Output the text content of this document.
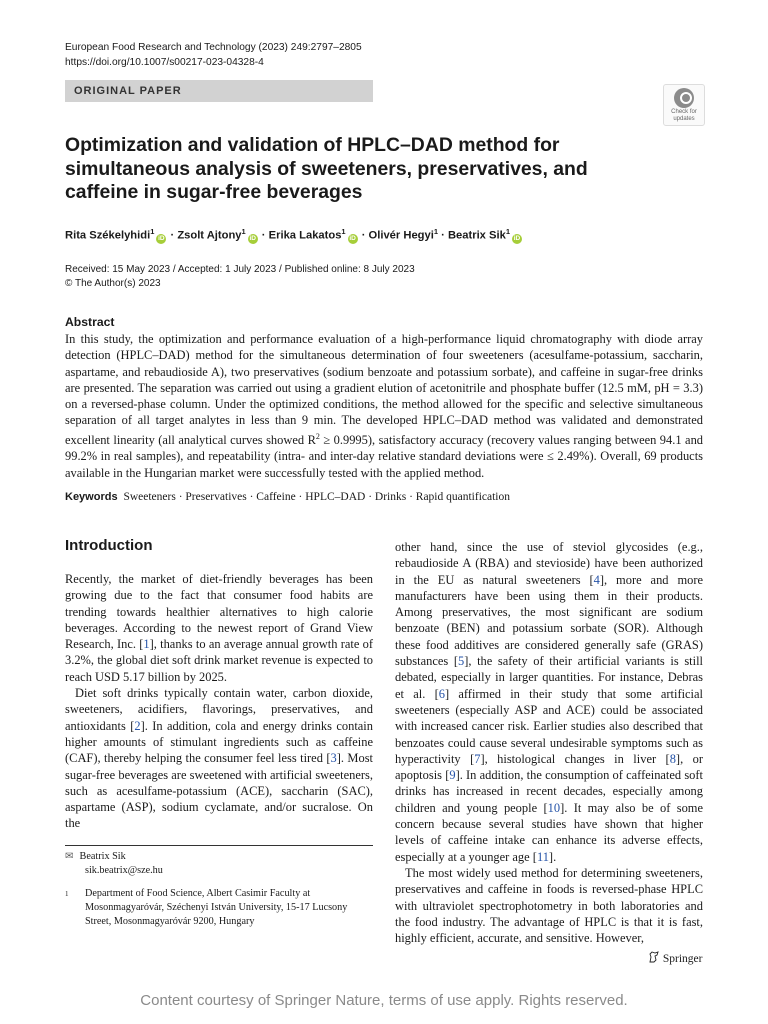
European Food Research and Technology (2023) 249:2797–2805
https://doi.org/10.1007/s00217-023-04328-4
ORIGINAL PAPER
Check for
updates
Optimization and validation of HPLC–DAD method for simultaneous analysis of sweeteners, preservatives, and caffeine in sugar-free beverages
Rita Székelyhidi$^1$iD · Zsolt Ajtony$^1$iD · Erika Lakatos$^1$iD · Olivér Hegyi$^1$ · Beatrix Sik$^1$iD
Received: 15 May 2023 / Accepted: 1 July 2023 / Published online: 8 July 2023
© The Author(s) 2023
Abstract
In this study, the optimization and performance evaluation of a high-performance liquid chromatography with diode array detection (HPLC–DAD) method for the simultaneous determination of four sweeteners (acesulfame-potassium, saccharin, aspartame, and rebaudioside A), two preservatives (sodium benzoate and potassium sorbate), and caffeine in sugar-free drinks are presented. The separation was carried out using a gradient elution of acetonitrile and phosphate buffer (12.5 mM, pH = 3.3) on a reversed-phase column. Under the optimized conditions, the method allowed for the specific and selective simultaneous separation of all target analytes in less than 9 min. The developed HPLC–DAD method was validated and demonstrated excellent linearity (all analytical curves showed $R^2 \ge 0.9995$), satisfactory accuracy (recovery values ranging between 94.1 and 99.2% in real samples), and repeatability (intra- and inter-day relative standard deviations were ≤ 2.49%). Overall, 69 products available in the Hungarian market were successfully tested with the applied method.
Keywords Sweeteners · Preservatives · Caffeine · HPLC–DAD · Drinks · Rapid quantification
Introduction

Recently, the market of diet-friendly beverages has been growing due to the fact that consumer food habits are trending towards healthier alternatives to high calorie beverages. According to the newest report of Grand View Research, Inc. [1], thanks to an average annual growth rate of 3.2%, the global diet soft drink market revenue is expected to reach USD 5.17 billion by 2025.

Diet soft drinks typically contain water, carbon dioxide, sweeteners, acidifiers, flavorings, preservatives, and antioxidants [2]. In addition, cola and energy drinks contain higher amounts of stimulant ingredients such as caffeine (CAF), thereby helping the consumer feel less tired [3]. Most sugar-free beverages are sweetened with artificial sweeteners, such as acesulfame-potassium (ACE), saccharin (SAC), aspartame (ASP), sodium cyclamate, and/or sucralose. On the

other hand, since the use of steviol glycosides (e.g., rebaudioside A (RBA) and stevioside) have been authorized in the EU as natural sweeteners [4], more and more manufacturers have been using them in their products. Among preservatives, the most significant are sodium benzoate (BEN) and potassium sorbate (SOR). Although these food additives are considered generally safe (GRAS) substances [5], the safety of their artificial variants is still debated, especially in larger quantities. For instance, Debras et al. [6] affirmed in their study that some artificial sweeteners (especially ASP and ACE) could be associated with increased cancer risk. Earlier studies also described that benzoates could cause several undesirable symptoms such as hyperactivity [7], histological changes in liver [8], or apoptosis [9]. In addition, the consumption of caffeinated soft drinks has increased in recent decades, especially among children and young people [10]. It may also be of some concern because several studies have shown that higher levels of caffeine intake can enhance its adverse effects, especially at a younger age [11].

The most widely used method for determining sweeteners, preservatives and caffeine in foods is reversed-phase HPLC with ultraviolet spectrophotometry in both laboratories and the food industry. The advantage of HPLC is that it is fast, highly efficient, accurate, and sensitive. However,

✉ Beatrix Sik
sik.beatrix@sze.hu
1	Department of Food Science, Albert Casimir Faculty at Mosonmagyaróvár, Széchenyi István University, 15-17 Lucsony Street, Mosonmagyaróvár 9200, Hungary
Springer
Content courtesy of Springer Nature, terms of use apply. Rights reserved.
